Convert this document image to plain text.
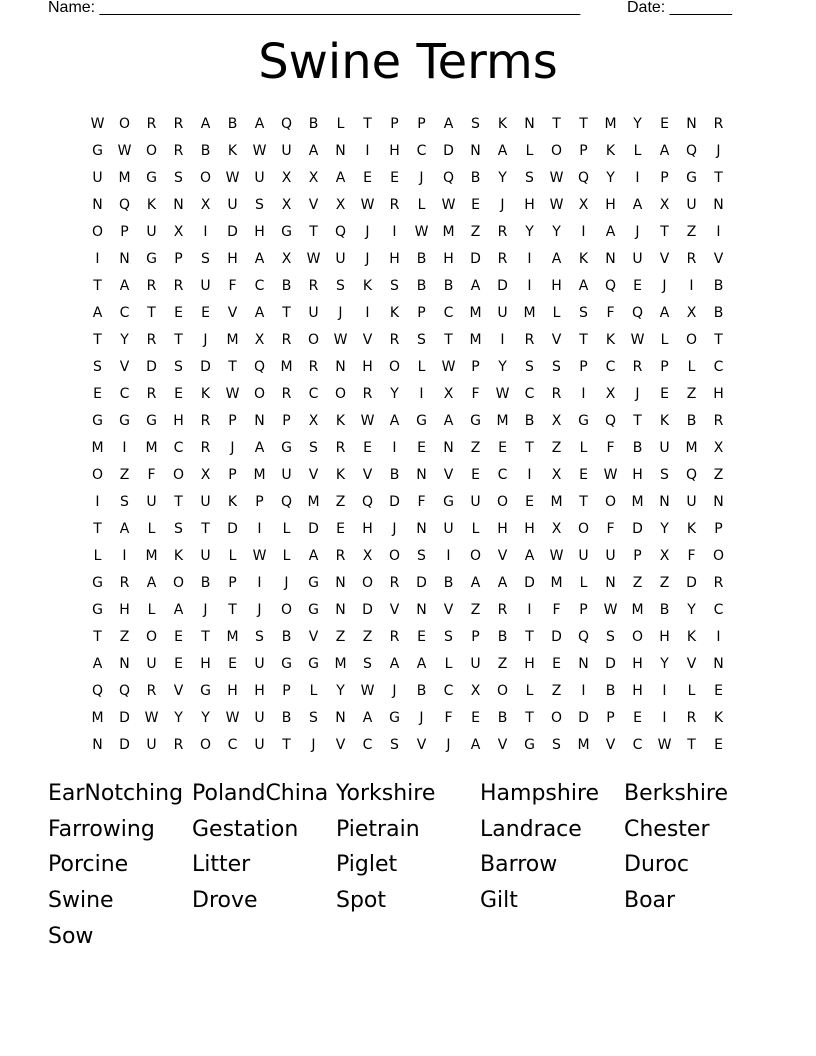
Name: ______________________________________________________

	Date: _______

Swine Terms
W	O	R	R	A	B	A	Q	B	L	T	P	P	A	S	K	N	T	T	M	Y	E	N	R
G	W	O	R	B	K	W	U	A	N	I	H	C	D	N	A	L	O	P	K	L	A	Q	J
U	M	G	S	O	W	U	X	X	A	E	E	J	Q	B	Y	S	W	Q	Y	I	P	G	T
N	Q	K	N	X	U	S	X	V	X	W	R	L	W	E	J	H	W	X	H	A	X	U	N
O	P	U	X	I	D	H	G	T	Q	J	I	W	M	Z	R	Y	Y	I	A	J	T	Z	I
I	N	G	P	S	H	A	X	W	U	J	H	B	H	D	R	I	A	K	N	U	V	R	V
T	A	R	R	U	F	C	B	R	S	K	S	B	B	A	D	I	H	A	Q	E	J	I	B
A	C	T	E	E	V	A	T	U	J	I	K	P	C	M	U	M	L	S	F	Q	A	X	B
T	Y	R	T	J	M	X	R	O	W	V	R	S	T	M	I	R	V	T	K	W	L	O	T
S	V	D	S	D	T	Q	M	R	N	H	O	L	W	P	Y	S	S	P	C	R	P	L	C
E	C	R	E	K	W	O	R	C	O	R	Y	I	X	F	W	C	R	I	X	J	E	Z	H
G	G	G	H	R	P	N	P	X	K	W	A	G	A	G	M	B	X	G	Q	T	K	B	R
M	I	M	C	R	J	A	G	S	R	E	I	E	N	Z	E	T	Z	L	F	B	U	M	X
O	Z	F	O	X	P	M	U	V	K	V	B	N	V	E	C	I	X	E	W	H	S	Q	Z
I	S	U	T	U	K	P	Q	M	Z	Q	D	F	G	U	O	E	M	T	O	M	N	U	N
T	A	L	S	T	D	I	L	D	E	H	J	N	U	L	H	H	X	O	F	D	Y	K	P
L	I	M	K	U	L	W	L	A	R	X	O	S	I	O	V	A	W	U	U	P	X	F	O
G	R	A	O	B	P	I	J	G	N	O	R	D	B	A	A	D	M	L	N	Z	Z	D	R
G	H	L	A	J	T	J	O	G	N	D	V	N	V	Z	R	I	F	P	W	M	B	Y	C
T	Z	O	E	T	M	S	B	V	Z	Z	R	E	S	P	B	T	D	Q	S	O	H	K	I
A	N	U	E	H	E	U	G	G	M	S	A	A	L	U	Z	H	E	N	D	H	Y	V	N
Q	Q	R	V	G	H	H	P	L	Y	W	J	B	C	X	O	L	Z	I	B	H	I	L	E
M	D	W	Y	Y	W	U	B	S	N	A	G	J	F	E	B	T	O	D	P	E	I	R	K
N	D	U	R	O	C	U	T	J	V	C	S	V	J	A	V	G	S	M	V	C	W	T	E
EarNotching PolandChina Yorkshire	Hampshire	Berkshire
Farrowing	Gestation	Pietrain	Landrace	Chester
Porcine	Litter	Piglet	Barrow	Duroc
Swine	Drove	Spot	Gilt	Boar
Sow
